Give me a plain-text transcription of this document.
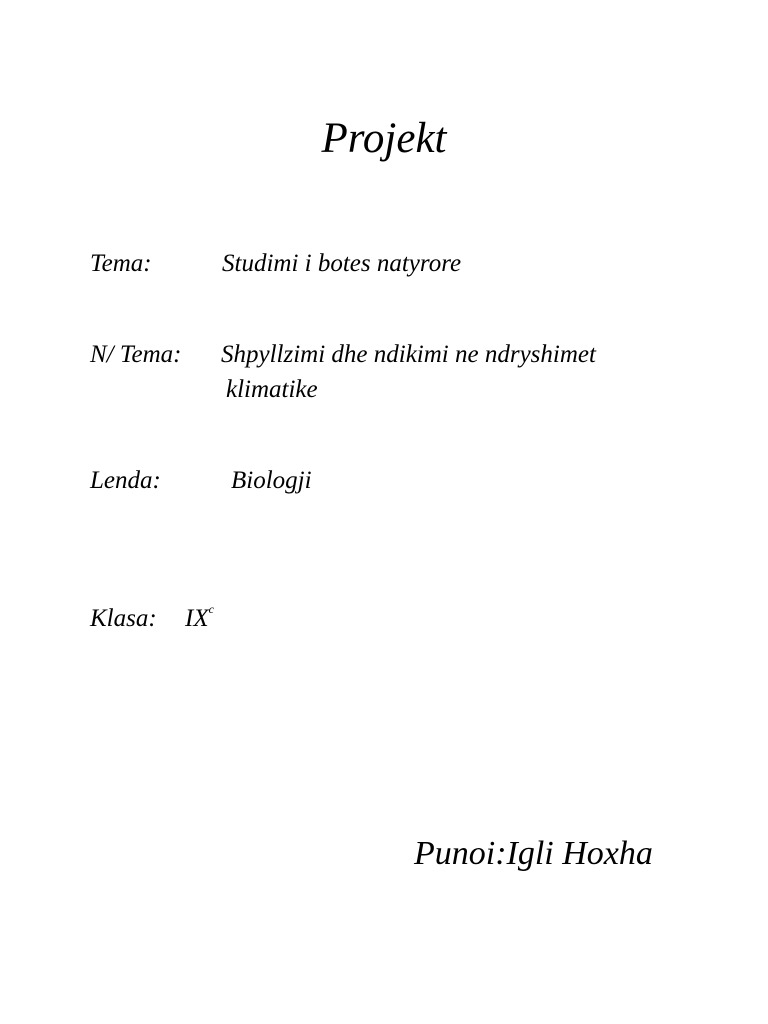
Projekt
Tema:	Studimi i botes natyrore
N/ Tema: Shpyllzimi dhe ndikimi ne ndryshimet
klimatike
Lenda:	Biologji
Klasa: $IX^c$
Punoi:Igli Hoxha
